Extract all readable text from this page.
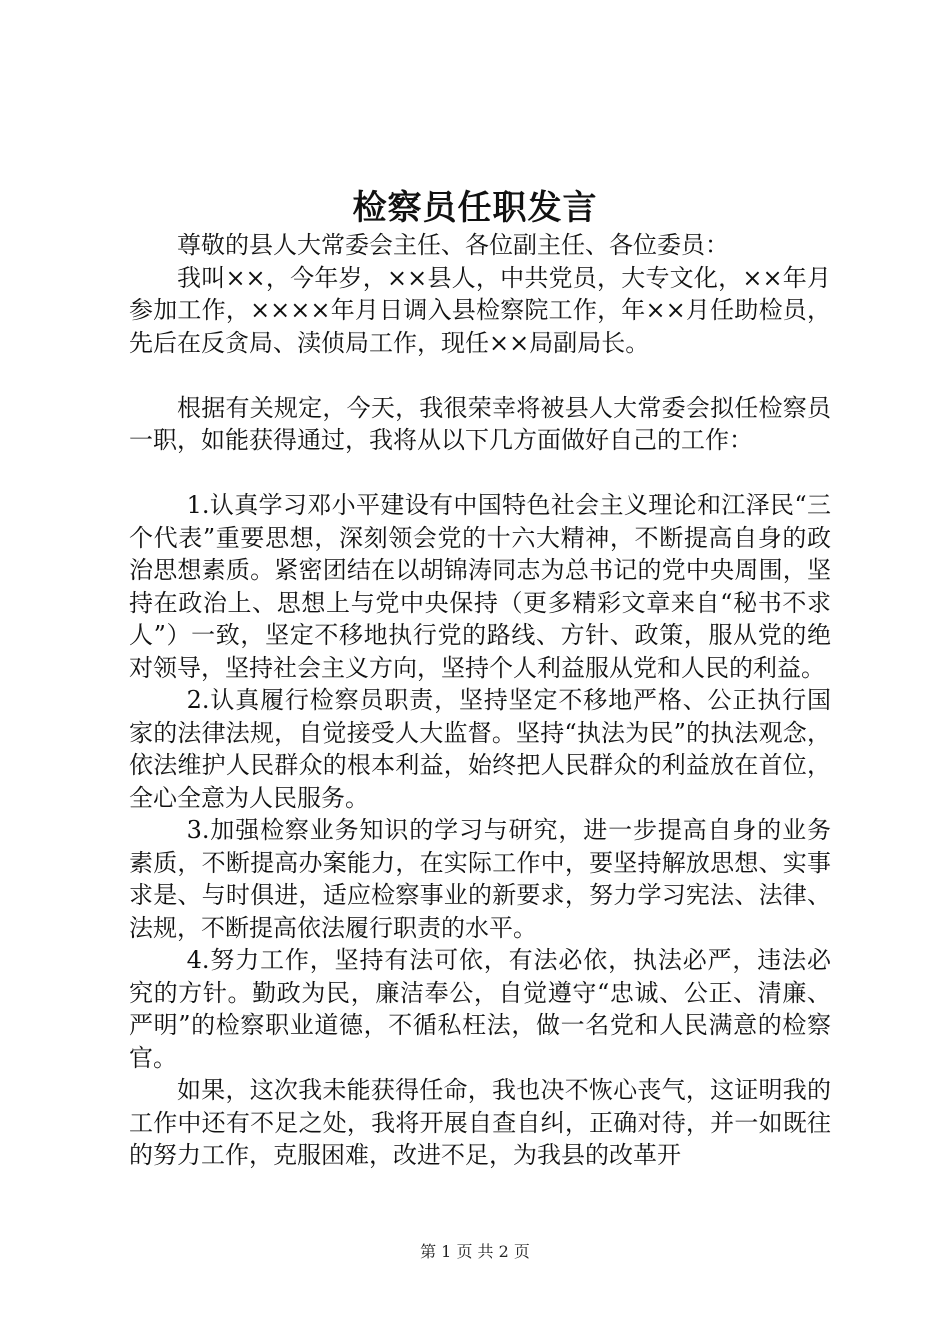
检察员任职发言

尊敬的县人大常委会主任、各位副主任、各位委员：

我叫××，今年岁，××县人，中共党员，大专文化，××年月参加工作，××××年月日调入县检察院工作，年××月任助检员，先后在反贪局、渎侦局工作，现任××局副局长。

根据有关规定，今天，我很荣幸将被县人大常委会拟任检察员一职，如能获得通过，我将从以下几方面做好自己的工作：

1.认真学习邓小平建设有中国特色社会主义理论和江泽民“三个代表”重要思想，深刻领会党的十六大精神，不断提高自身的政治思想素质。紧密团结在以胡锦涛同志为总书记的党中央周围，坚持在政治上、思想上与党中央保持（更多精彩文章来自“秘书不求人”）一致，坚定不移地执行党的路线、方针、政策，服从党的绝对领导，坚持社会主义方向，坚持个人利益服从党和人民的利益。

2.认真履行检察员职责，坚持坚定不移地严格、公正执行国家的法律法规，自觉接受人大监督。坚持“执法为民”的执法观念，依法维护人民群众的根本利益，始终把人民群众的利益放在首位，全心全意为人民服务。

3.加强检察业务知识的学习与研究，进一步提高自身的业务素质，不断提高办案能力，在实际工作中，要坚持解放思想、实事求是、与时俱进，适应检察事业的新要求，努力学习宪法、法律、法规，不断提高依法履行职责的水平。

4.努力工作，坚持有法可依，有法必依，执法必严，违法必究的方针。勤政为民，廉洁奉公，自觉遵守“忠诚、公正、清廉、严明”的检察职业道德，不循私枉法，做一名党和人民满意的检察官。

如果，这次我未能获得任命，我也决不恢心丧气，这证明我的工作中还有不足之处，我将开展自查自纠，正确对待，并一如既往的努力工作，克服困难，改进不足，为我县的改革开

第 1 页 共 2 页
